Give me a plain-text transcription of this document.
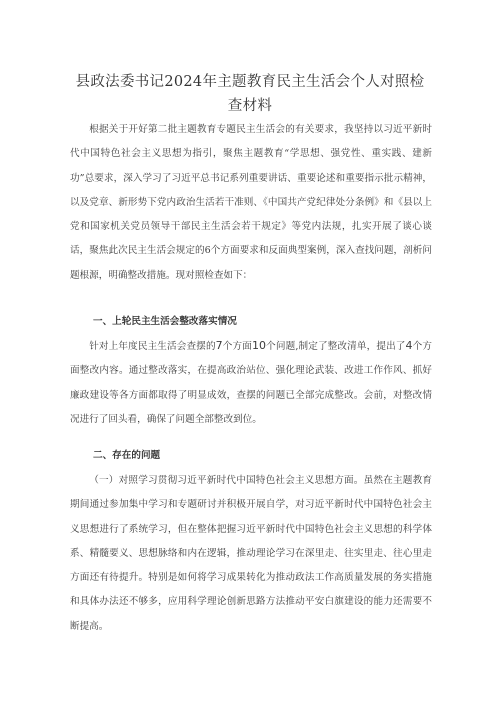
县政法委书记2024年主题教育民主生活会个人对照检查材料

根据关于开好第二批主题教育专题民主生活会的有关要求，我坚持以习近平新时代中国特色社会主义思想为指引，聚焦主题教育“学思想、强党性、重实践、建新功”总要求，深入学习了习近平总书记系列重要讲话、重要论述和重要指示批示精神，以及党章、新形势下党内政治生活若干准则、《中国共产党纪律处分条例》和《县以上党和国家机关党员领导干部民主生活会若干规定》等党内法规，扎实开展了谈心谈话，聚焦此次民主生活会规定的6个方面要求和反面典型案例，深入查找问题，剖析问题根源，明确整改措施。现对照检查如下：

一、上轮民主生活会整改落实情况

针对上年度民主生活会查摆的7个方面10个问题,制定了整改清单，提出了4个方面整改内容。通过整改落实，在提高政治站位、强化理论武装、改进工作作风、抓好廉政建设等各方面都取得了明显成效，查摆的问题已全部完成整改。会前，对整改情况进行了回头看，确保了问题全部整改到位。

二、存在的问题

（一）对照学习贯彻习近平新时代中国特色社会主义思想方面。虽然在主题教育期间通过参加集中学习和专题研讨并积极开展自学，对习近平新时代中国特色社会主义思想进行了系统学习，但在整体把握习近平新时代中国特色社会主义思想的科学体系、精髓要义、思想脉络和内在逻辑，推动理论学习在深里走、往实里走、往心里走方面还有待提升。特别是如何将学习成果转化为推动政法工作高质量发展的务实措施和具体办法还不够多，应用科学理论创新思路方法推动平安白旗建设的能力还需要不断提高。
